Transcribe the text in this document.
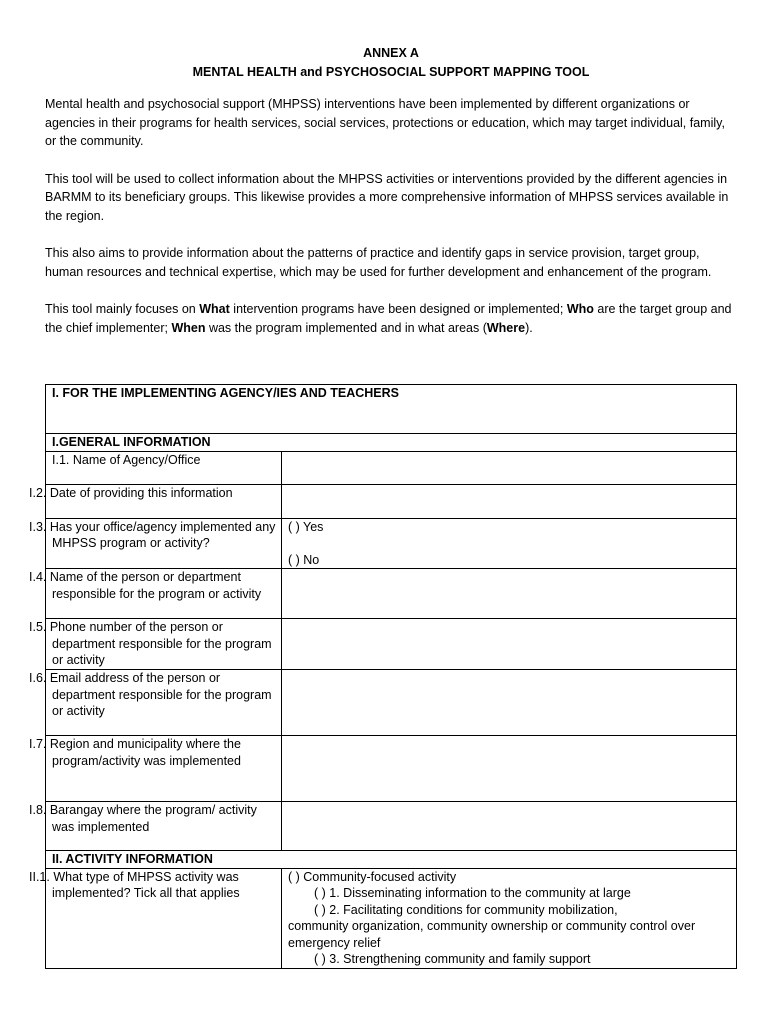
ANNEX A
MENTAL HEALTH and PSYCHOSOCIAL SUPPORT MAPPING TOOL

Mental health and psychosocial support (MHPSS) interventions have been implemented by different organizations or agencies in their programs for health services, social services, protections or education, which may target individual, family, or the community.

This tool will be used to collect information about the MHPSS activities or interventions provided by the different agencies in BARMM to its beneficiary groups. This likewise provides a more comprehensive information of MHPSS services available in the region.

This also aims to provide information about the patterns of practice and identify gaps in service provision, target group, human resources and technical expertise, which may be used for further development and enhancement of the program.

This tool mainly focuses on What intervention programs have been designed or implemented; Who are the target group and the chief implementer; When was the program implemented and in what areas (Where).

I. FOR THE IMPLEMENTING AGENCY/IES AND TEACHERS	
I.GENERAL INFORMATION	
I.1. Name of Agency/Office	
I.2. Date of providing this information	
I.3. Has your office/agency implemented any MHPSS program or activity?	( ) Yes
( ) No

I.4. Name of the person or department responsible for the program or activity	
I.5. Phone number of the person or department responsible for the program or activity	
I.6. Email address of the person or department responsible for the program or activity	
I.7. Region and municipality where the program/activity was implemented	
I.8. Barangay where the program/ activity was implemented	
II. ACTIVITY INFORMATION	
II.1. What type of MHPSS activity was implemented? Tick all that applies	( ) Community-focused activity
( ) 1. Disseminating information to the community at large
( ) 2. Facilitating conditions for community mobilization,
community organization, community ownership or community control over emergency relief
( ) 3. Strengthening community and family support
